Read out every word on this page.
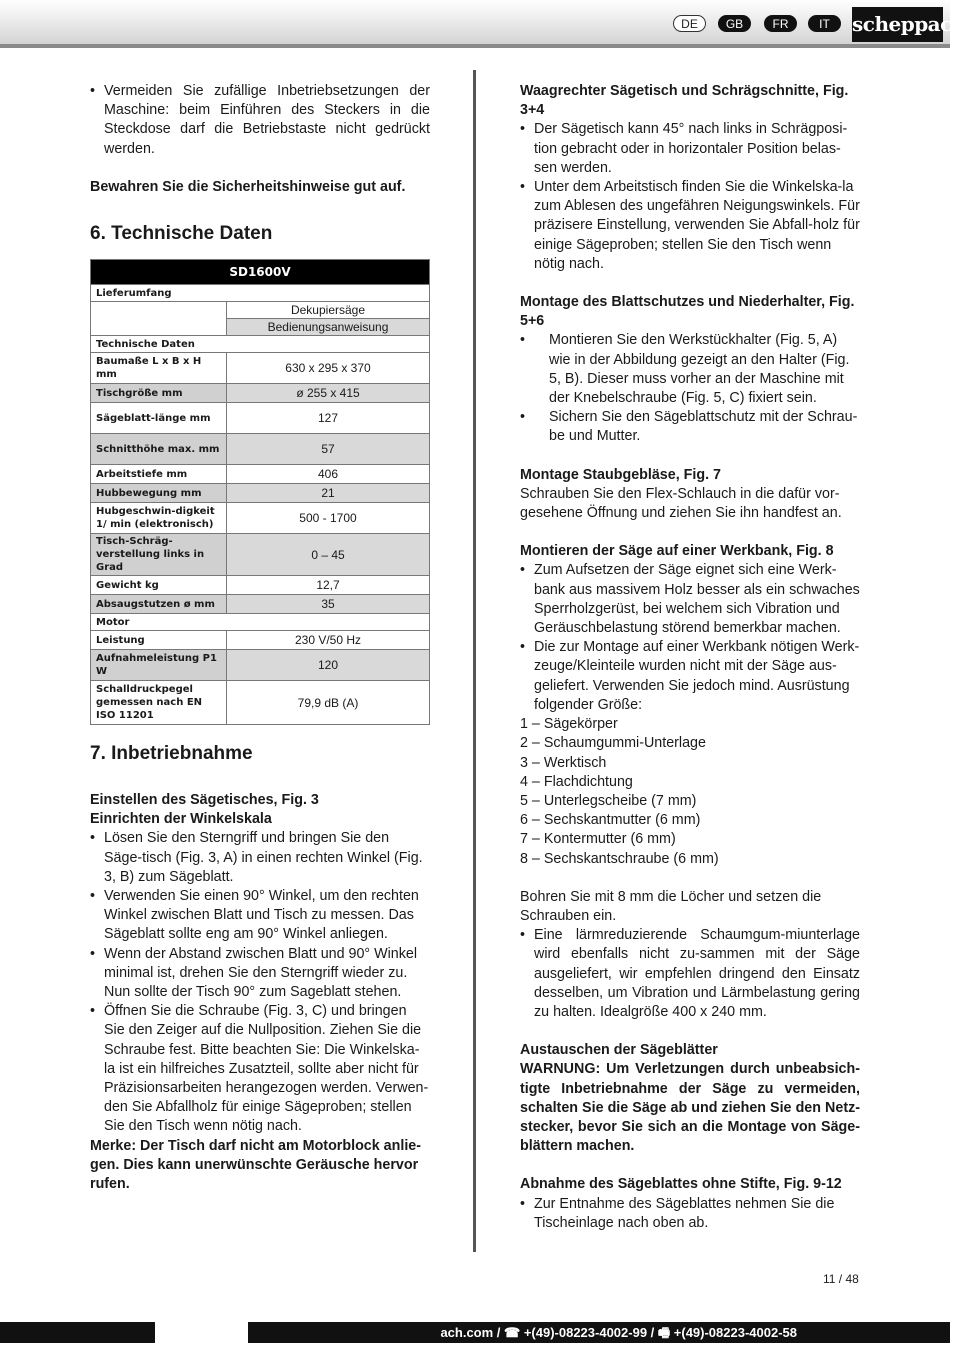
DE	GB	FR	IT	scheppach
• Vermeiden Sie zufällige Inbetriebsetzungen der Maschine: beim Einführen des Steckers in die Steckdose darf die Betriebstaste nicht gedrückt werden.

Bewahren Sie die Sicherheitshinweise gut auf.

6. Technische Daten
SD1600V	
Lieferumfang	
	Dekupiersäge
	Bedienungsanweisung
Technische Daten	
Baumaße L x B x H mm	630 x 295 x 370
Tischgröße mm	ø 255 x 415
Sägeblatt-länge mm	127
Schnitthöhe max. mm	57
Arbeitstiefe mm	406
Hubbewegung mm	21
Hubgeschwin-digkeit 1/ min (elektronisch)	500 - 1700
Tisch-Schräg-verstellung links in Grad	0 – 45
Gewicht kg	12,7
Absaugstutzen ø mm	35
Motor	
Leistung	230 V/50 Hz
Aufnahmeleistung P1 W	120
Schalldruckpegel gemessen nach EN ISO 11201	79,9 dB (A)
7. Inbetriebnahme

Einstellen des Sägetisches, Fig. 3

Einrichten der Winkelskala

• Lösen Sie den Sterngriff und bringen Sie den Säge-tisch (Fig. 3, A) in einen rechten Winkel (Fig. 3, B) zum Sägeblatt.
• Verwenden Sie einen 90° Winkel, um den rechten Winkel zwischen Blatt und Tisch zu messen. Das Sägeblatt sollte eng am 90° Winkel anliegen.
• Wenn der Abstand zwischen Blatt und 90° Winkel minimal ist, drehen Sie den Sterngriff wieder zu. Nun sollte der Tisch 90° zum Sageblatt stehen.
• Öffnen Sie die Schraube (Fig. 3, C) und bringen Sie den Zeiger auf die Nullposition. Ziehen Sie die Schraube fest. Bitte beachten Sie: Die Winkelska-la ist ein hilfreiches Zusatzteil, sollte aber nicht für Präzisionsarbeiten herangezogen werden. Verwen-den Sie Abfallholz für einige Sägeproben; stellen Sie den Tisch wenn nötig nach.

Merke: Der Tisch darf nicht am Motorblock anlie-gen. Dies kann unerwünschte Geräusche hervor rufen.

Waagrechter Sägetisch und Schrägschnitte, Fig. 3+4

• Der Sägetisch kann 45° nach links in Schrägposi-tion gebracht oder in horizontaler Position belas-sen werden.
• Unter dem Arbeitstisch finden Sie die Winkelska-la zum Ablesen des ungefähren Neigungswinkels. Für präzisere Einstellung, verwenden Sie Abfall-holz für einige Sägeproben; stellen Sie den Tisch wenn nötig nach.

Montage des Blattschutzes und Niederhalter, Fig. 5+6

• Montieren Sie den Werkstückhalter (Fig. 5, A) wie in der Abbildung gezeigt an den Halter (Fig. 5, B). Dieser muss vorher an der Maschine mit der Knebelschraube (Fig. 5, C) fixiert sein.
• Sichern Sie den Sägeblattschutz mit der Schrau-be und Mutter.

Montage Staubgebläse, Fig. 7

Schrauben Sie den Flex-Schlauch in die dafür vor-gesehene Öffnung und ziehen Sie ihn handfest an.

Montieren der Säge auf einer Werkbank, Fig. 8

• Zum Aufsetzen der Säge eignet sich eine Werk-bank aus massivem Holz besser als ein schwaches Sperrholzgerüst, bei welchem sich Vibration und Geräuschbelastung störend bemerkbar machen.
• Die zur Montage auf einer Werkbank nötigen Werk-zeuge/Kleinteile wurden nicht mit der Säge aus-geliefert. Verwenden Sie jedoch mind. Ausrüstung folgender Größe:

1 – Sägekörper

2 – Schaumgummi-Unterlage

3 – Werktisch

4 – Flachdichtung

5 – Unterlegscheibe (7 mm)

6 – Sechskantmutter (6 mm)

7 – Kontermutter (6 mm)

8 – Sechskantschraube (6 mm)

Bohren Sie mit 8 mm die Löcher und setzen die Schrauben ein.

• Eine lärmreduzierende Schaumgum-miunterlage wird ebenfalls nicht zu-sammen mit der Säge ausgeliefert, wir empfehlen dringend den Einsatz desselben, um Vibration und Lärmbelastung gering zu halten. Idealgröße 400 x 240 mm.

Austauschen der Sägeblätter

WARNUNG: Um Verletzungen durch unbeabsich-tigte Inbetriebnahme der Säge zu vermeiden, schalten Sie die Säge ab und ziehen Sie den Netz-stecker, bevor Sie sich an die Montage von Säge-blättern machen.

Abnahme des Sägeblattes ohne Stifte, Fig. 9-12

• Zur Entnahme des Sägeblattes nehmen Sie die Tischeinlage nach oben ab.
11 / 48
ach.com / ☎ +(49)-08223-4002-99 / 🖷 +(49)-08223-4002-58
